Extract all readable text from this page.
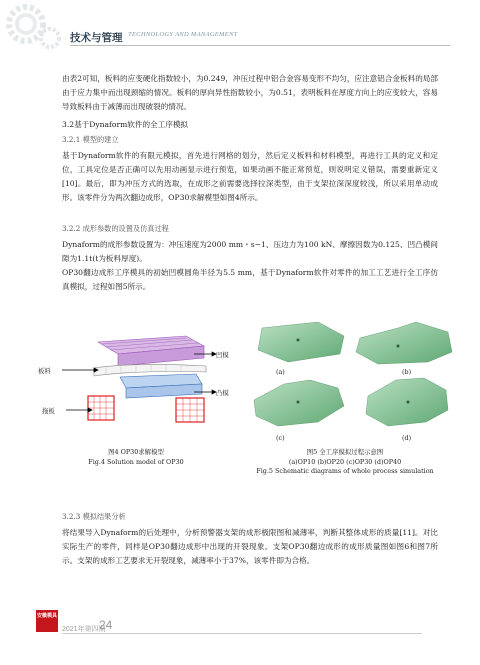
技术与管理 TECHNOLOGY AND MANAGEMENT

由表2可知，板料的应变硬化指数较小，为0.249，冲压过程中铝合金容易变形不均匀，应注意铝合金板料的局部由于应力集中而出现颈缩的情况。板料的厚向异性指数较小，为0.51，表明板料在厚度方向上的应变较大，容易导致板料由于减薄而出现破裂的情况。

3.2基于Dynaform软件的全工序模拟

3.2.1 模型的建立

基于Dynaform软件的有限元模拟，首先进行网格的划分，然后定义板料和材料模型，再进行工具的定义和定位，工具定位是否正确可以先用动画显示进行预览，如果动画不能正常预览，则说明定义错误，需要重新定义[10]。最后，即为冲压方式的选取，在成形之前需要选择拉深类型，由于支架拉深深度较浅，所以采用单动成形。该零件分为两次翻边成形，OP30求解模型如图4所示。

3.2.2 成形参数的设置及仿真过程

Dynaform的成形参数设置为：冲压速度为2000 mm・s−1、压边力为100 kN、摩擦因数为0.125、凹凸模间隙为1.1t(t为板料厚度)。

OP30翻边成形工序模具的初始凹模圆角半径为5.5 mm，基于Dynaform软件对零件的加工工艺进行全工序仿真模拟，过程如图5所示。

凹模
板料
凸模
拖板
(a)	(b)
(c)	(d)
图4 OP30求解模型
Fig.4 Solution model of OP30
图5 全工序模拟过程示意图
(a)OP10 (b)OP20 (c)OP30 (d)OP40
Fig.5 Schematic diagrams of whole process simulation

3.2.3 模拟结果分析

将结果导入Dynaform的后处理中，分析预警器支架的成形极限图和减薄率，判断其整体成形的质量[11]。对比实际生产的零件，同样是OP30翻边成形中出现的开裂现象。支架OP30翻边成形的成形质量图如图6和图7所示。支架的成形工艺要求无开裂现象，减薄率小于37%，该零件即为合格。

安徽模具
2021年第四期
24
